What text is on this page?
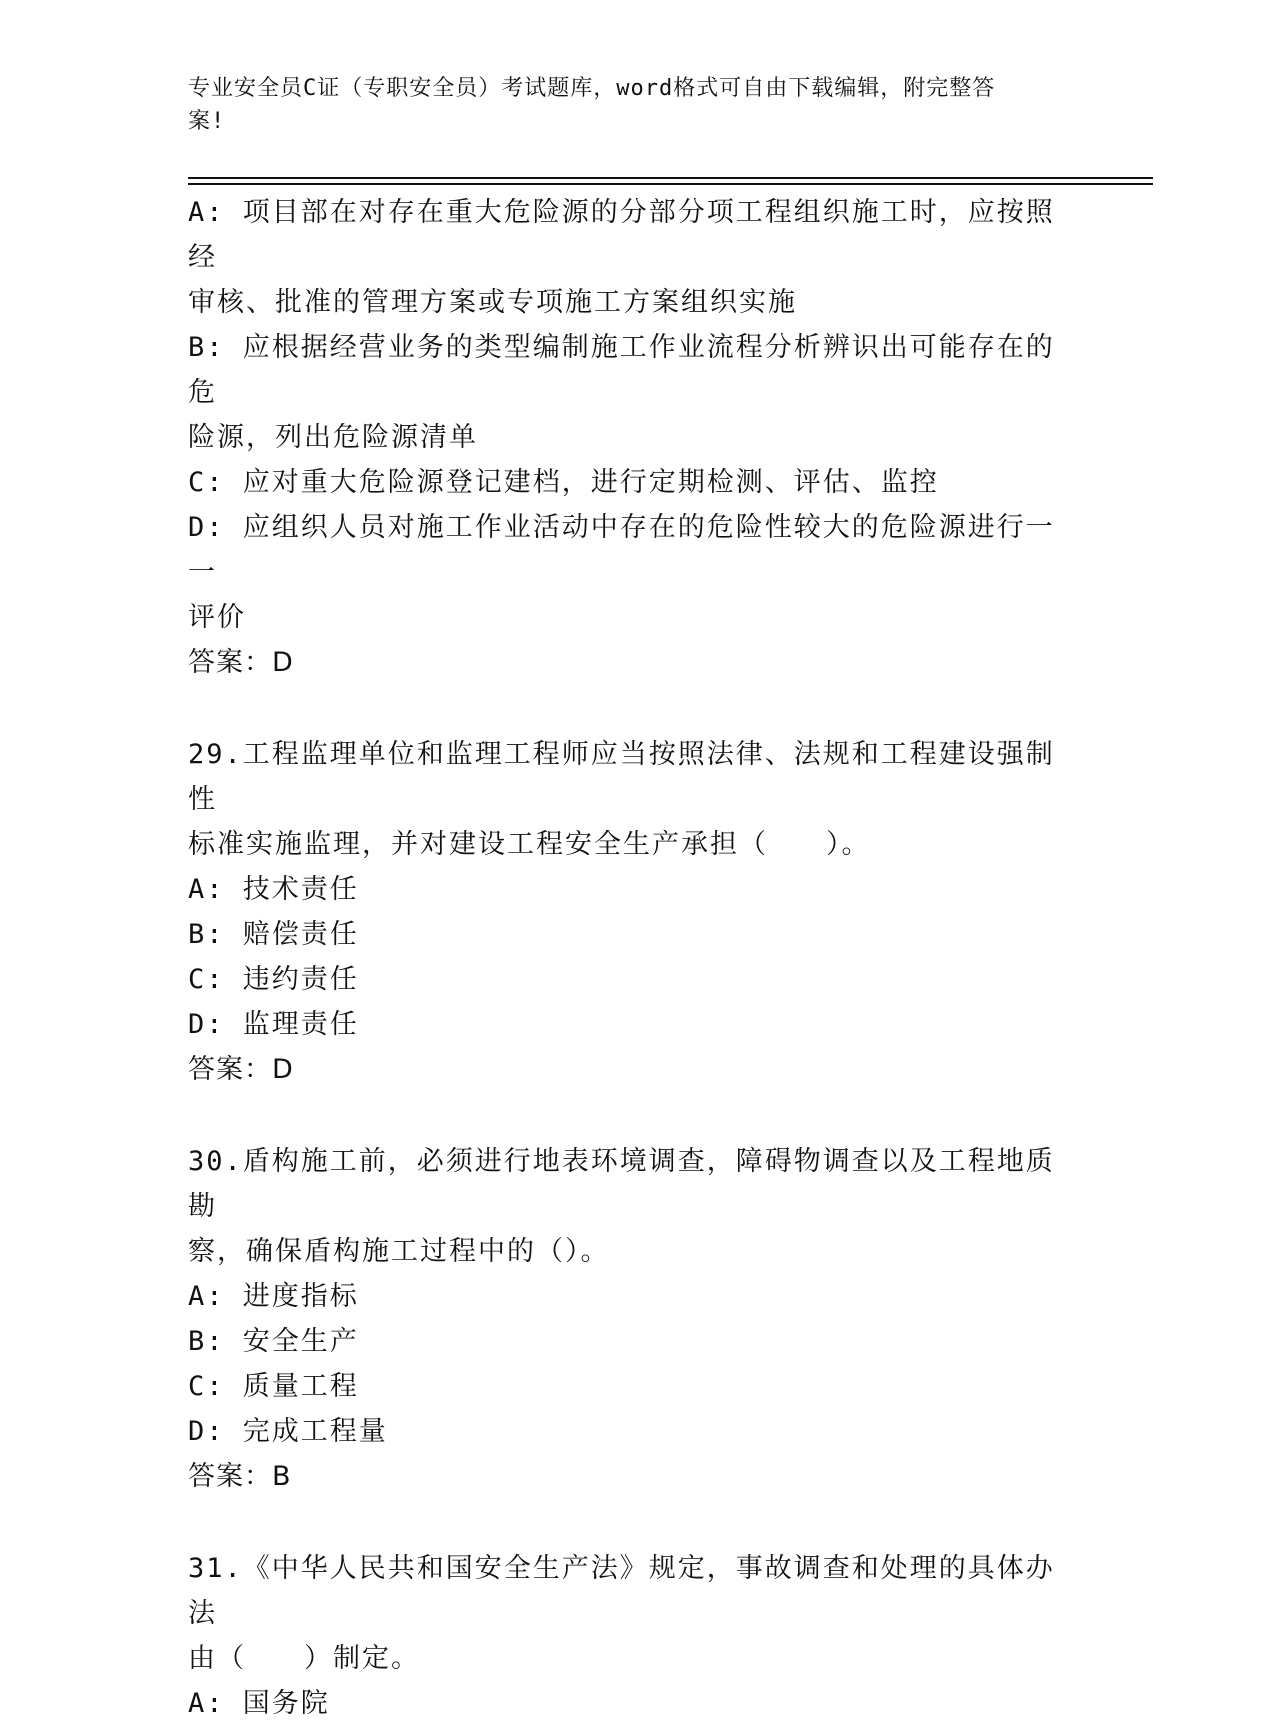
专业安全员C证（专职安全员）考试题库，word格式可自由下载编辑，附完整答
案!
A: 项目部在对存在重大危险源的分部分项工程组织施工时，应按照经
审核、批准的管理方案或专项施工方案组织实施
B: 应根据经营业务的类型编制施工作业流程分析辨识出可能存在的危
险源，列出危险源清单
C: 应对重大危险源登记建档，进行定期检测、评估、监控
D: 应组织人员对施工作业活动中存在的危险性较大的危险源进行一一
评价
答案：D
29.工程监理单位和监理工程师应当按照法律、法规和工程建设强制性
标准实施监理，并对建设工程安全生产承担（　　）。
A: 技术责任
B: 赔偿责任
C: 违约责任
D: 监理责任
答案：D
30.盾构施工前，必须进行地表环境调查，障碍物调查以及工程地质勘
察，确保盾构施工过程中的（）。
A: 进度指标
B: 安全生产
C: 质量工程
D: 完成工程量
答案：B
31.《中华人民共和国安全生产法》规定，事故调查和处理的具体办法
由（　　）制定。
A: 国务院
